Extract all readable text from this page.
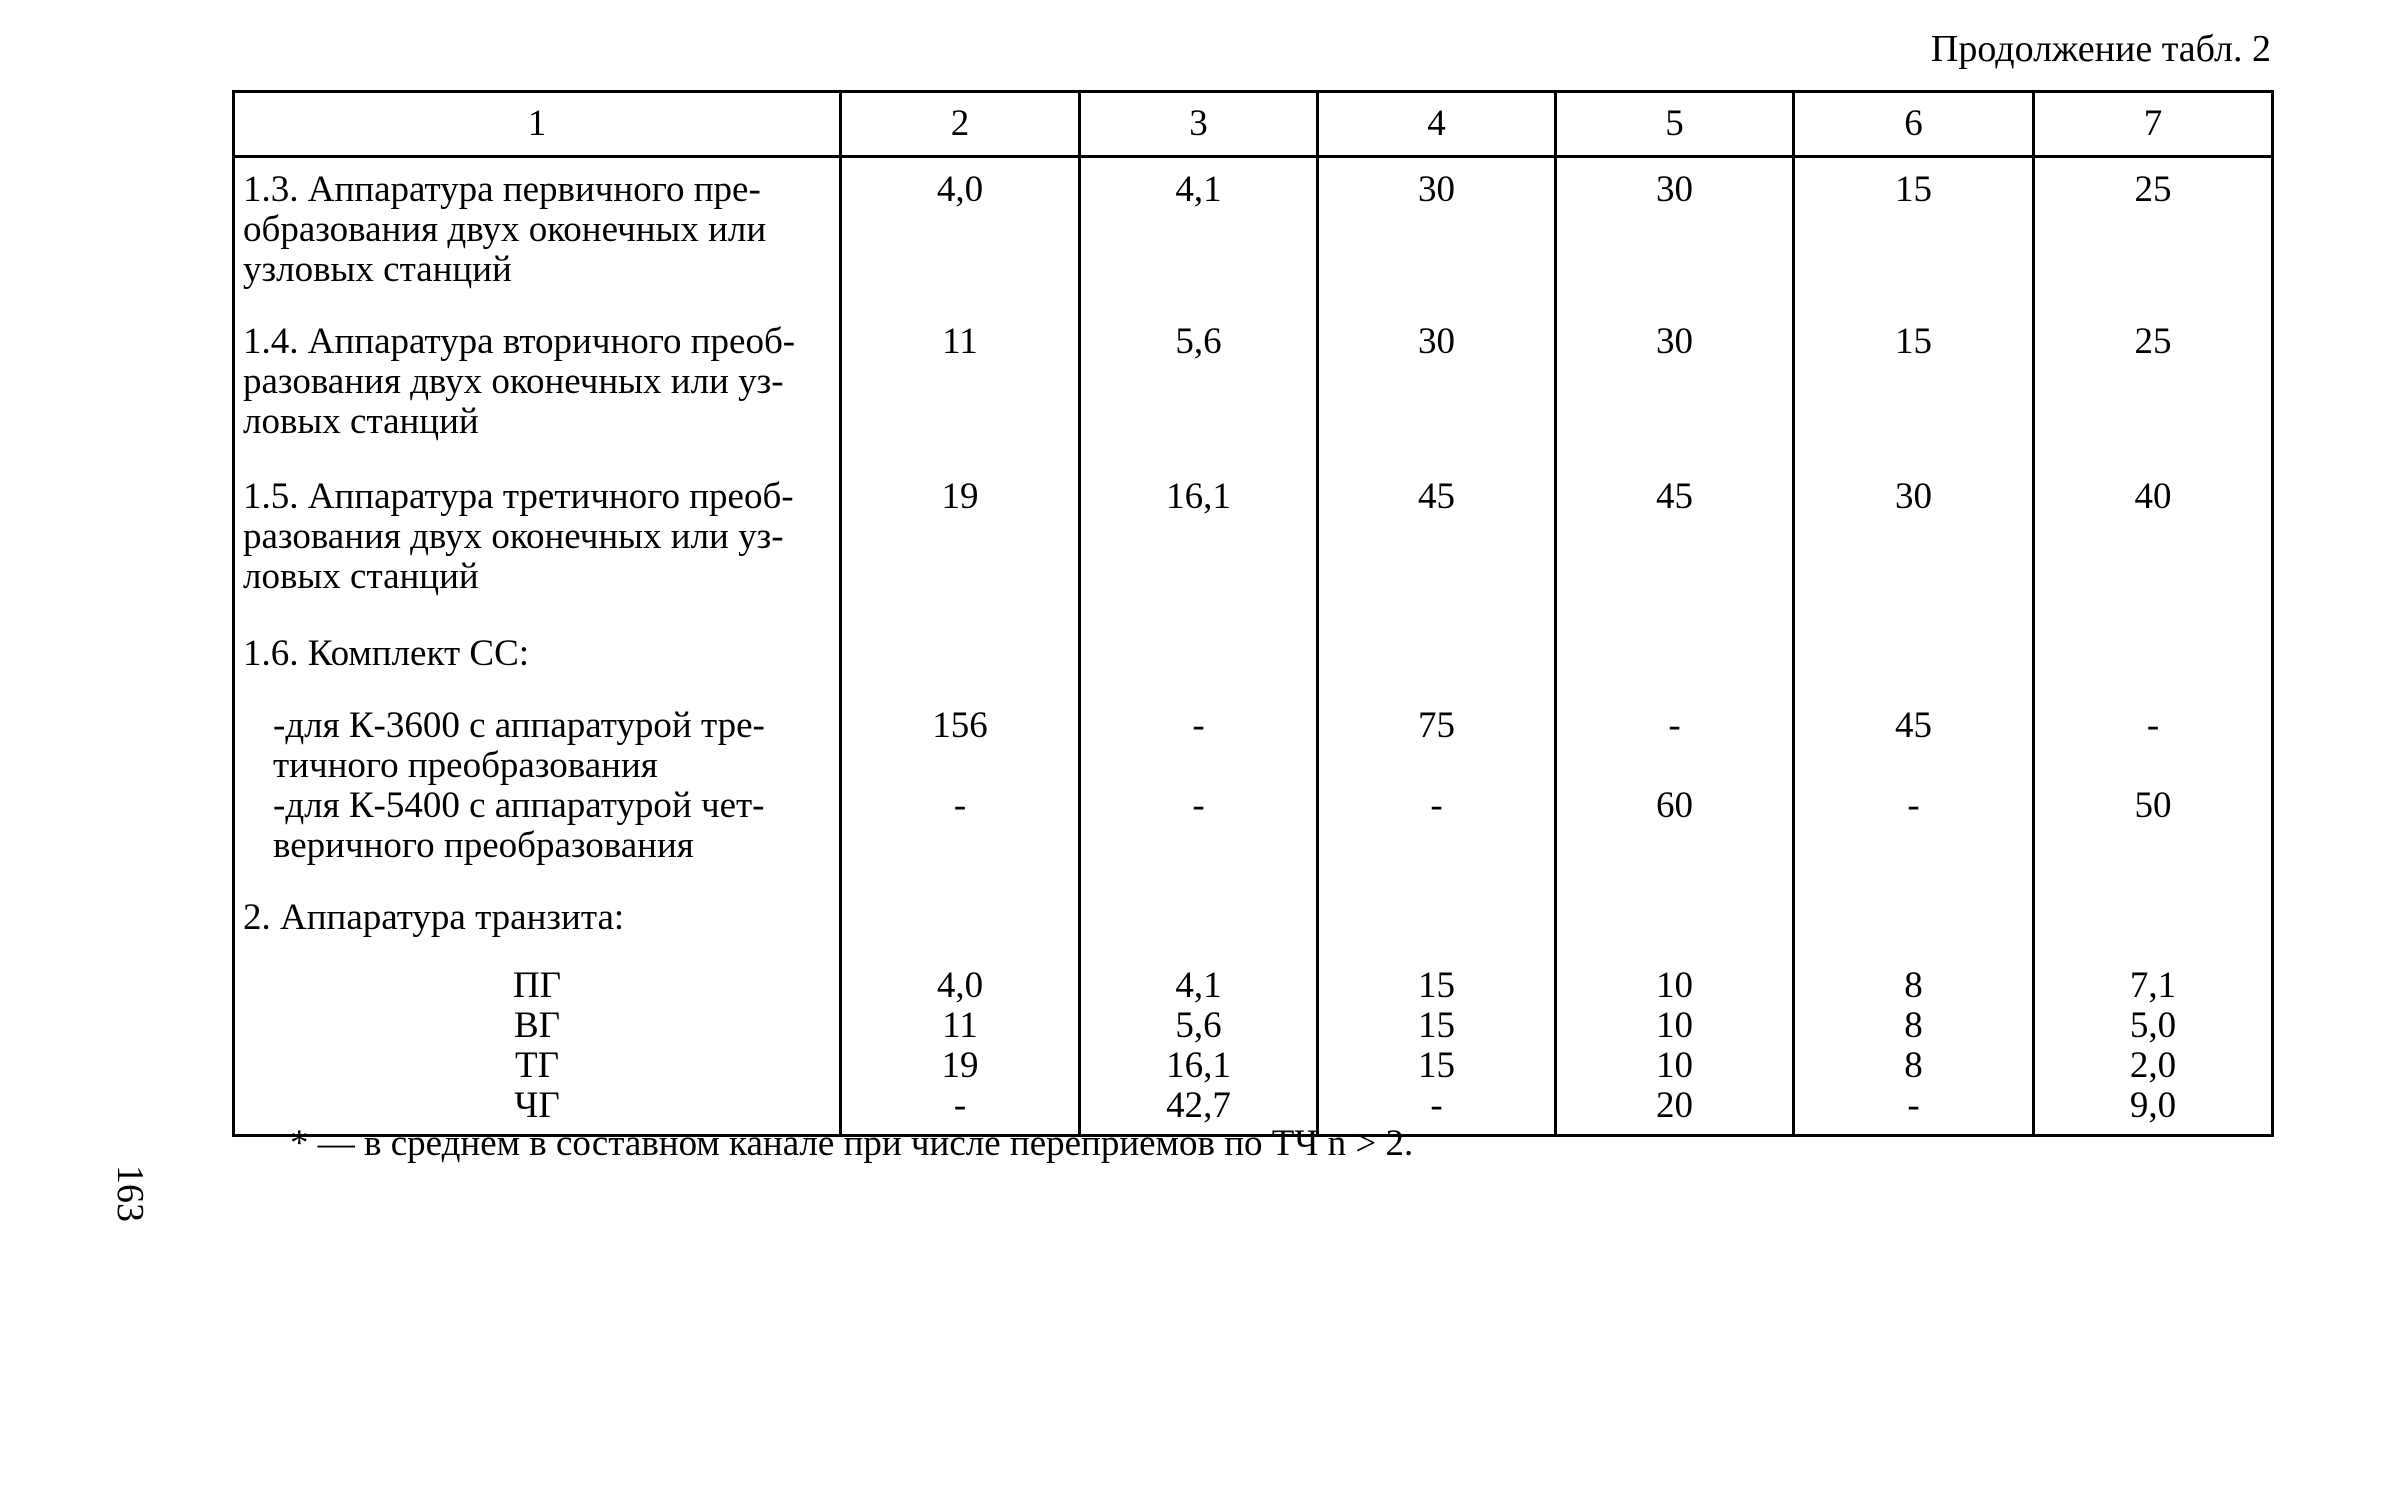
Продолжение табл. 2
1	2	3	4	5	6	7
1.3. Аппаратура первичного пре-образования двух оконечных или узловых станций	4,0	4,1	30	30	15	25
1.4. Аппаратура вторичного преоб-разования двух оконечных или уз-ловых станций	11	5,6	30	30	15	25
1.5. Аппаратура третичного преоб-разования двух оконечных или уз-ловых станций	19	16,1	45	45	30	40
1.6. Комплект СС:						
-для К-3600 с аппаратурой тре-тичного преобразования	156	-	75	-	45	-
-для К-5400 с аппаратурой чет-веричного преобразования	-	-	-	60	-	50
2. Аппаратура транзита:						
ПГ	4,0	4,1	15	10	8	7,1
ВГ	11	5,6	15	10	8	5,0
ТГ	19	16,1	15	10	8	2,0
ЧГ	-	42,7	-	20	-	9,0
* — в среднем в составном канале при числе переприемов по ТЧ n > 2.
163
